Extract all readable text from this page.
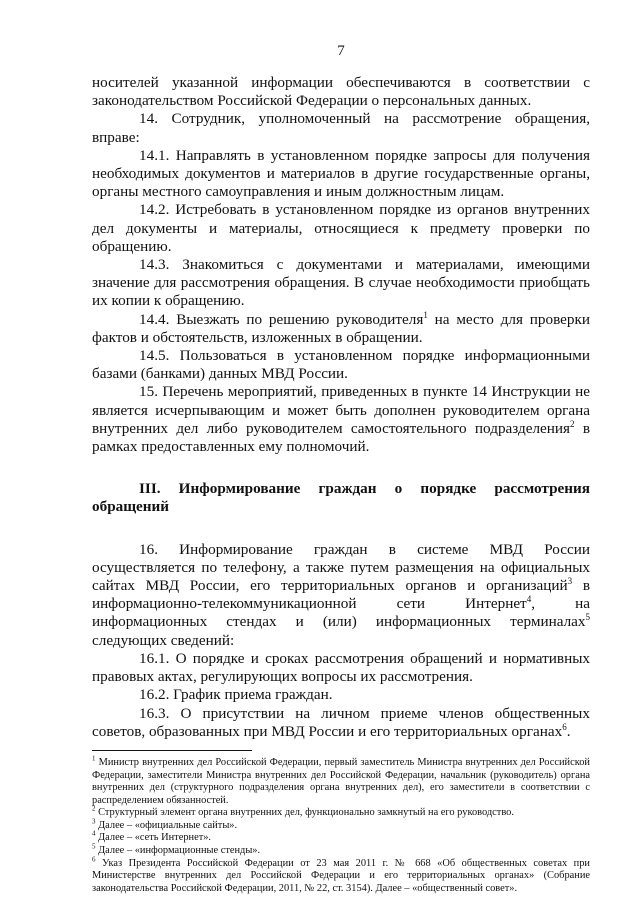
7

носителей указанной информации обеспечиваются в соответствии с законодательством Российской Федерации о персональных данных.

14. Сотрудник, уполномоченный на рассмотрение обращения, вправе:

14.1. Направлять в установленном порядке запросы для получения необходимых документов и материалов в другие государственные органы, органы местного самоуправления и иным должностным лицам.

14.2. Истребовать в установленном порядке из органов внутренних дел документы и материалы, относящиеся к предмету проверки по обращению.

14.3. Знакомиться с документами и материалами, имеющими значение для рассмотрения обращения. В случае необходимости приобщать их копии к обращению.

14.4. Выезжать по решению руководителя$^1$ на место для проверки фактов и обстоятельств, изложенных в обращении.

14.5. Пользоваться в установленном порядке информационными базами (банками) данных МВД России.

15. Перечень мероприятий, приведенных в пункте 14 Инструкции не является исчерпывающим и может быть дополнен руководителем органа внутренних дел либо руководителем самостоятельного подразделения$^2$ в рамках предоставленных ему полномочий.

III. Информирование граждан о порядке рассмотрения обращений

16. Информирование граждан в системе МВД России осуществляется по телефону, а также путем размещения на официальных сайтах МВД России, его территориальных органов и организаций$^3$ в информационно-телекоммуникационной сети Интернет$^4$, на информационных стендах и (или) информационных терминалах$^5$ следующих сведений:

16.1. О порядке и сроках рассмотрения обращений и нормативных правовых актах, регулирующих вопросы их рассмотрения.

16.2. График приема граждан.

16.3. О присутствии на личном приеме членов общественных советов, образованных при МВД России и его территориальных органах$^6$.

$^1$ Министр внутренних дел Российской Федерации, первый заместитель Министра внутренних дел Российской Федерации, заместители Министра внутренних дел Российской Федерации, начальник (руководитель) органа внутренних дел (структурного подразделения органа внутренних дел), его заместители в соответствии с распределением обязанностей.

$^2$ Структурный элемент органа внутренних дел, функционально замкнутый на его руководство.

$^3$ Далее – «официальные сайты».

$^4$ Далее – «сеть Интернет».

$^5$ Далее – «информационные стенды».

$^6$ Указ Президента Российской Федерации от 23 мая 2011 г. № 668 «Об общественных советах при Министерстве внутренних дел Российской Федерации и его территориальных органах» (Собрание законодательства Российской Федерации, 2011, № 22, ст. 3154). Далее – «общественный совет».
